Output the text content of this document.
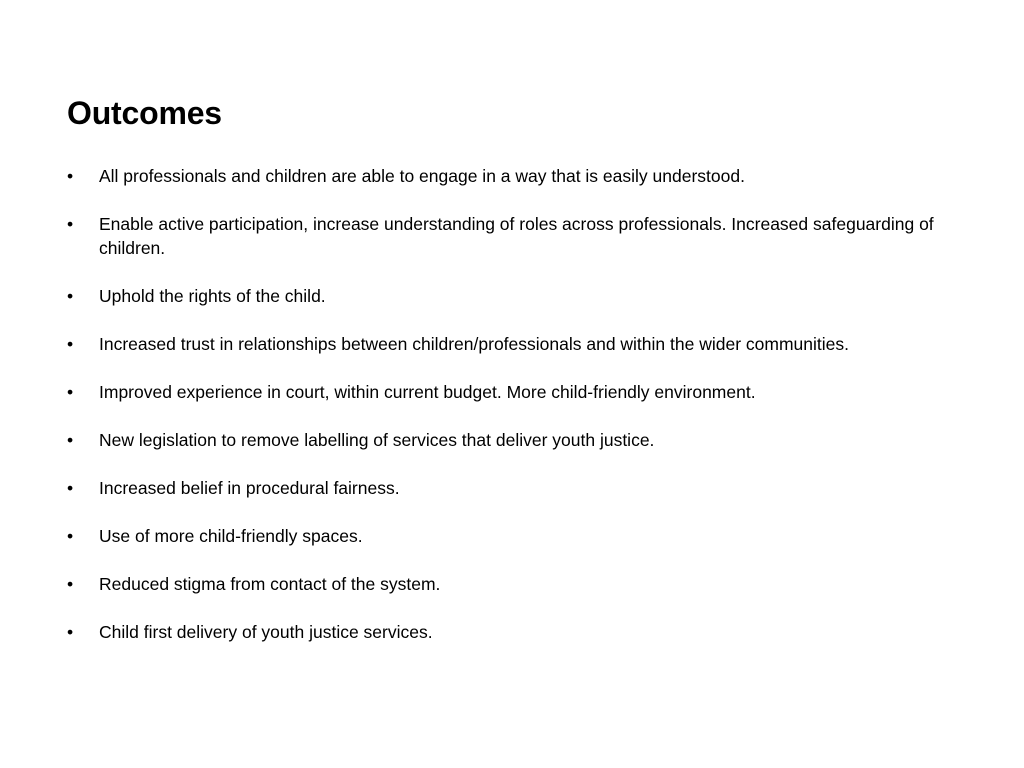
Outcomes
•	All professionals and children are able to engage in a way that is easily understood.
•	Enable active participation, increase understanding of roles across professionals. Increased safeguarding of children.
•	Uphold the rights of the child.
•	Increased trust in relationships between children/professionals and within the wider communities.
•	Improved experience in court, within current budget. More child-friendly environment.
•	New legislation to remove labelling of services that deliver youth justice.
•	Increased belief in procedural fairness.
•	Use of more child-friendly spaces.
•	Reduced stigma from contact of the system.
•	Child first delivery of youth justice services.
